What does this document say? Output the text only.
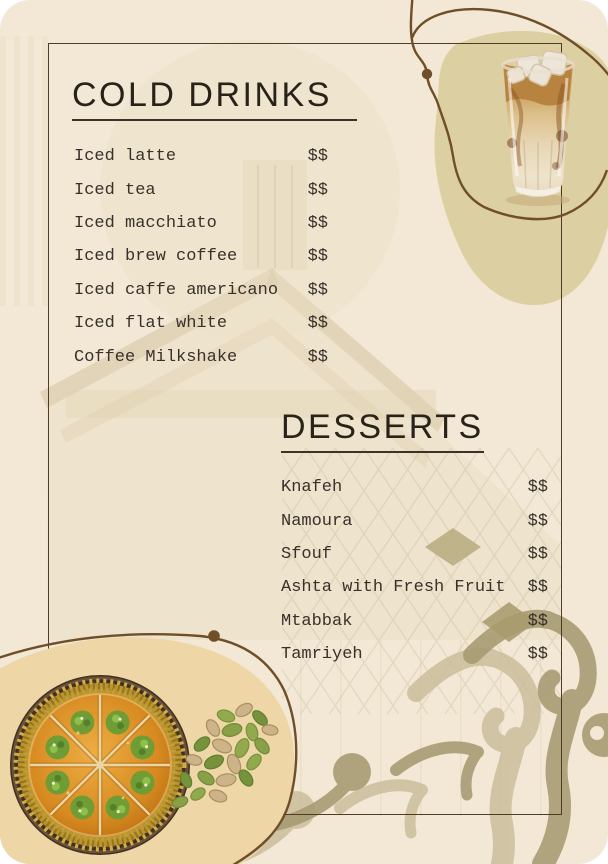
COLD DRINKS
Iced latte	$$
Iced tea	$$
Iced macchiato	$$
Iced brew coffee	$$
Iced caffe americano $$
Iced flat white	$$
Coffee Milkshake	$$
DESSERTS
Knafeh	$$
Namoura	$$
Sfouf	$$
Ashta with Fresh Fruit $$
Mtabbak	$$
Tamriyeh	$$
